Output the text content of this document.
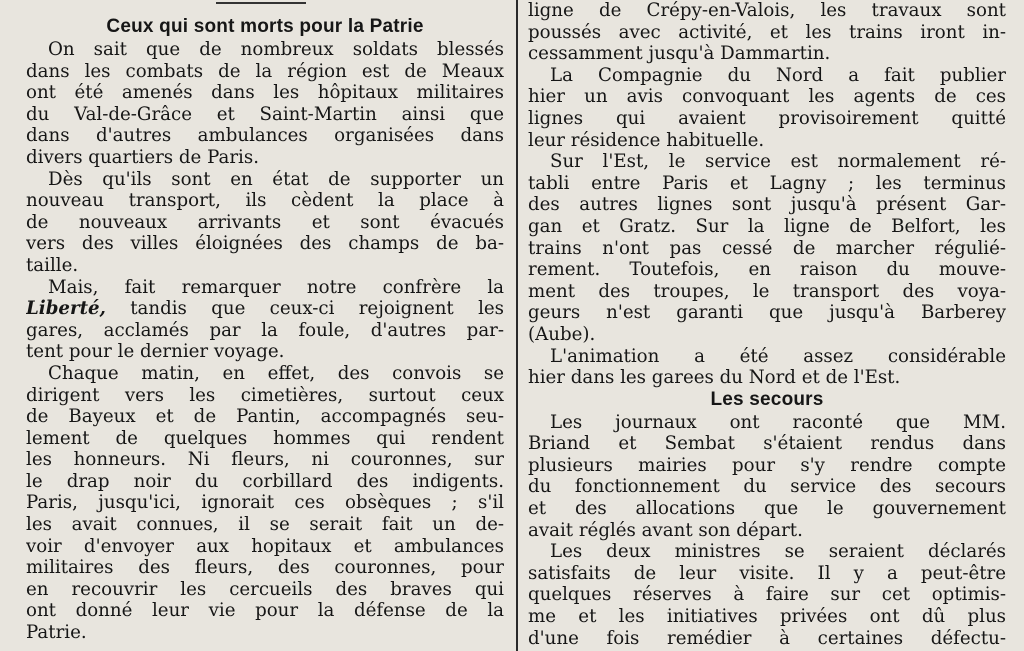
Ceux qui sont morts pour la Patrie

On sait que de nombreux soldats blessés

dans les combats de la région est de Meaux

ont été amenés dans les hôpitaux militaires

du Val-de-Grâce et Saint-Martin ainsi que

dans d'autres ambulances organisées dans

divers quartiers de Paris.

Dès qu'ils sont en état de supporter un

nouveau transport, ils cèdent la place à

de nouveaux arrivants et sont évacués

vers des villes éloignées des champs de ba-

taille.

Mais, fait remarquer notre confrère la

Liberté, tandis que ceux-ci rejoignent les

gares, acclamés par la foule, d'autres par-

tent pour le dernier voyage.

Chaque matin, en effet, des convois se

dirigent vers les cimetières, surtout ceux

de Bayeux et de Pantin, accompagnés seu-

lement de quelques hommes qui rendent

les honneurs. Ni fleurs, ni couronnes, sur

le drap noir du corbillard des indigents.

Paris, jusqu'ici, ignorait ces obsèques ; s'il

les avait connues, il se serait fait un de-

voir d'envoyer aux hopitaux et ambulances

militaires des fleurs, des couronnes, pour

en recouvrir les cercueils des braves qui

ont donné leur vie pour la défense de la

Patrie.

ligne de Crépy-en-Valois, les travaux sont

poussés avec activité, et les trains iront in-

cessamment jusqu'à Dammartin.

La Compagnie du Nord a fait publier

hier un avis convoquant les agents de ces

lignes qui avaient provisoirement quitté

leur résidence habituelle.

Sur l'Est, le service est normalement ré-

tabli entre Paris et Lagny ; les terminus

des autres lignes sont jusqu'à présent Gar-

gan et Gratz. Sur la ligne de Belfort, les

trains n'ont pas cessé de marcher régulié-

rement. Toutefois, en raison du mouve-

ment des troupes, le transport des voya-

geurs n'est garanti que jusqu'à Barberey

(Aube).

L'animation a été assez considérable

hier dans les garees du Nord et de l'Est.

Les secours

Les journaux ont raconté que MM.

Briand et Sembat s'étaient rendus dans

plusieurs mairies pour s'y rendre compte

du fonctionnement du service des secours

et des allocations que le gouvernement

avait réglés avant son départ.

Les deux ministres se seraient déclarés

satisfaits de leur visite. Il y a peut-être

quelques réserves à faire sur cet optimis-

me et les initiatives privées ont dû plus

d'une fois remédier à certaines défectu-
